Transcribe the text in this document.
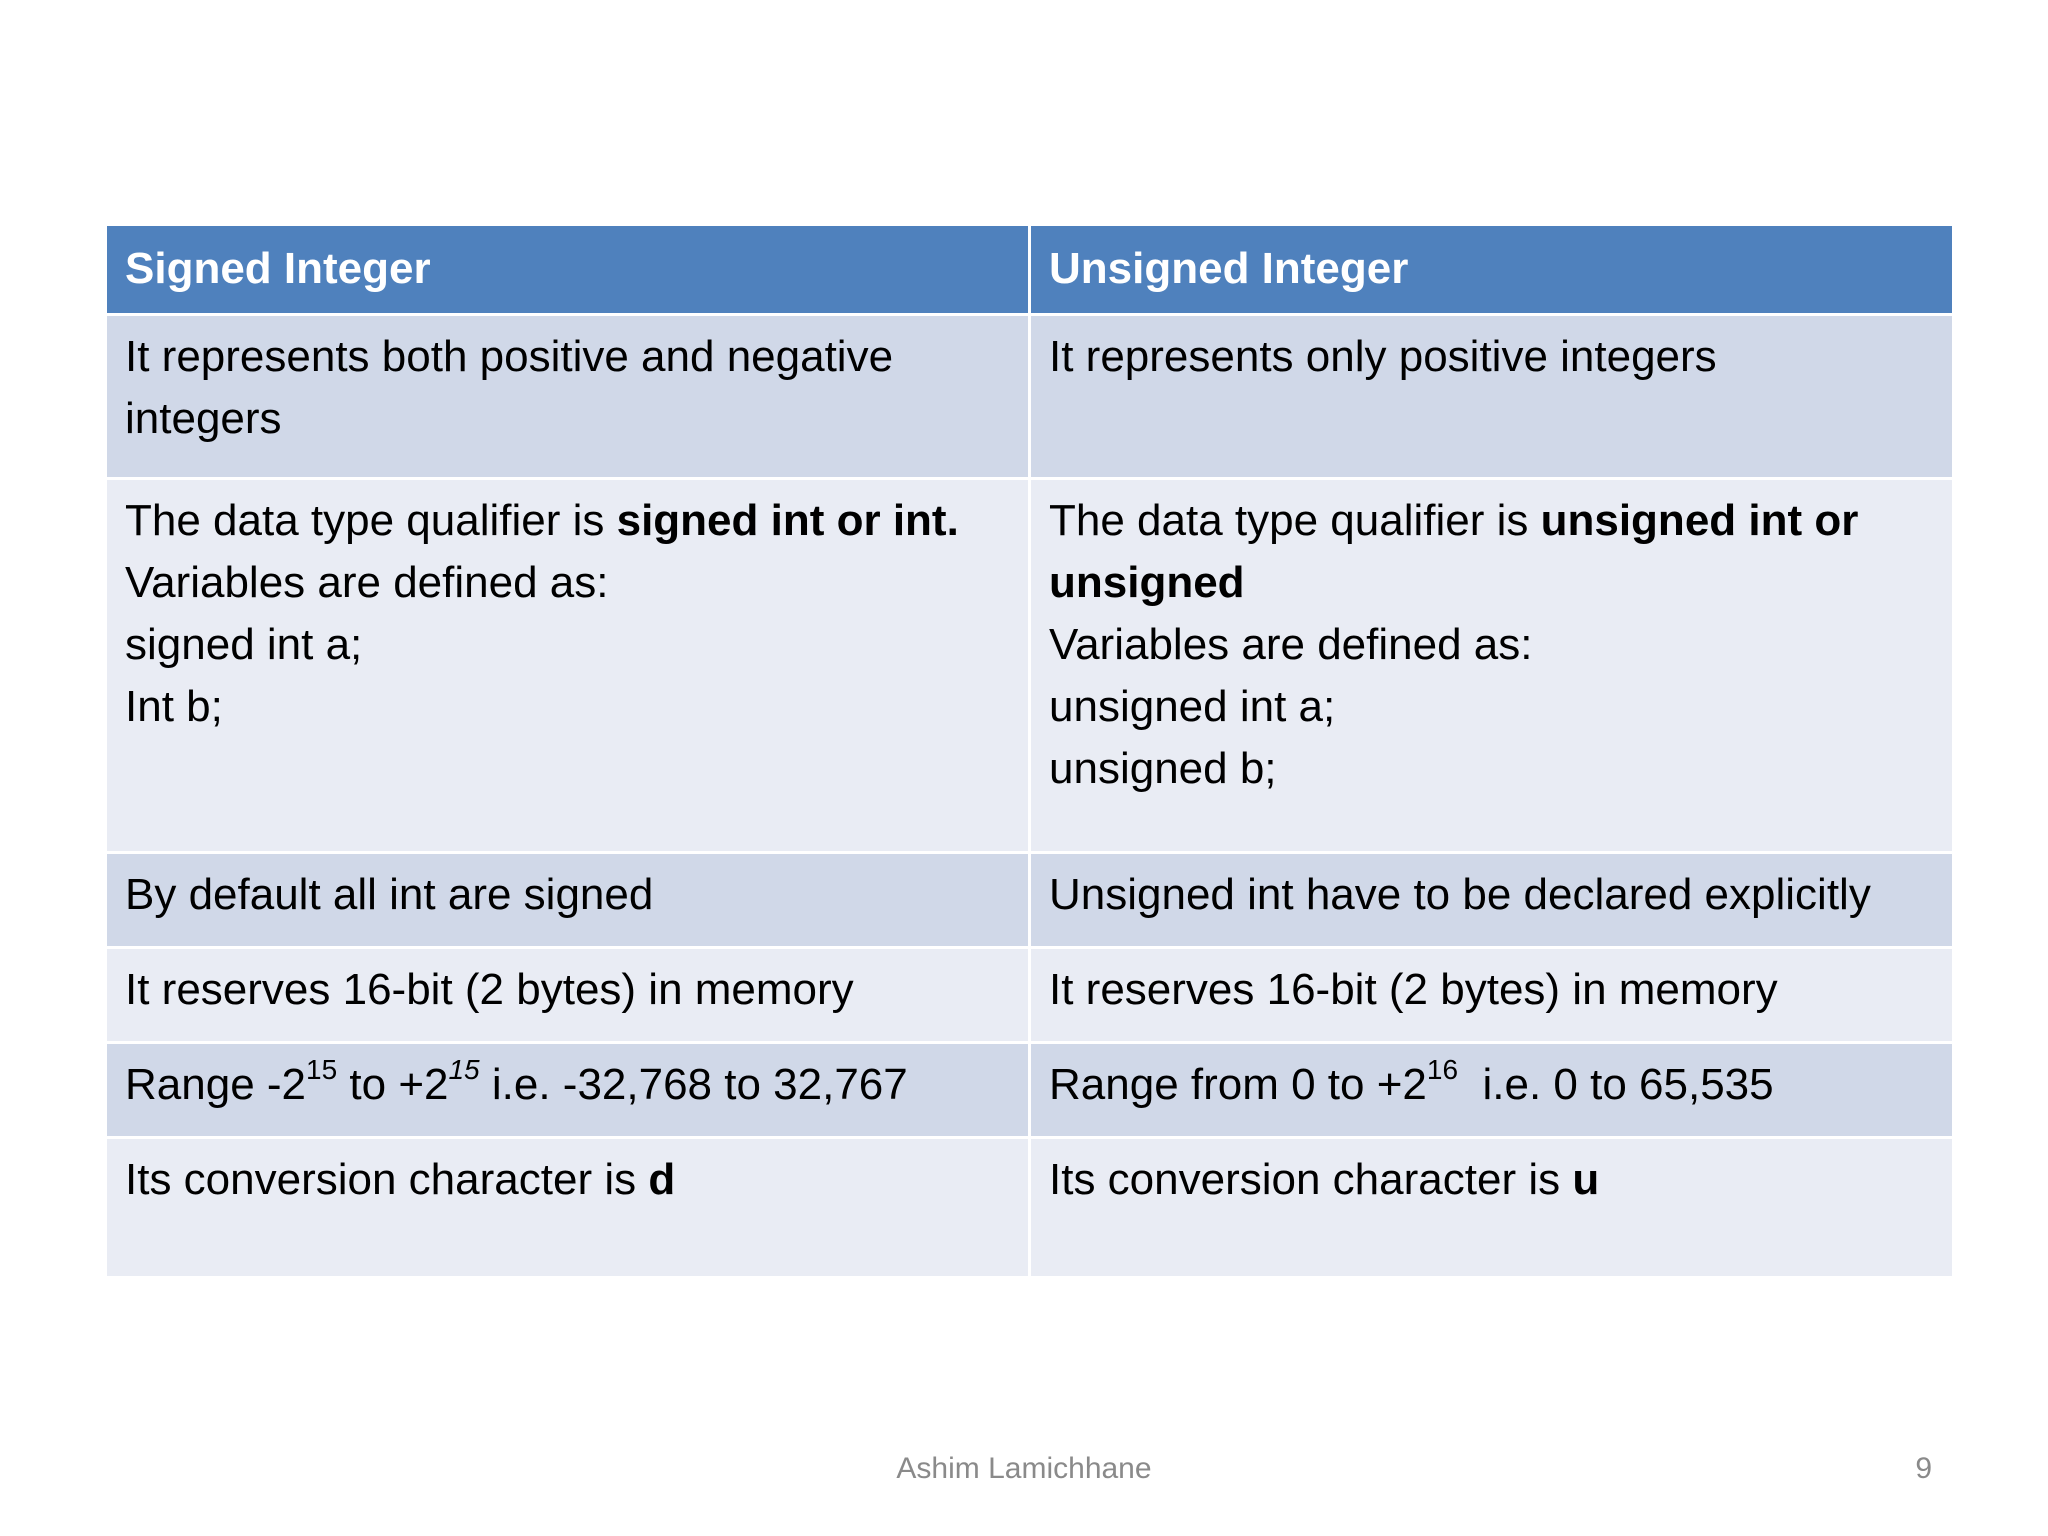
Signed Integer	Unsigned Integer

It represents both positive and negative
integers	It represents only positive integers

The data type qualifier is signed int or int.
Variables are defined as:
signed int a;
Int b;	The data type qualifier is unsigned int or
unsigned
Variables are defined as:
unsigned int a;
unsigned b;

By default all int are signed	Unsigned int have to be declared explicitly
It reserves 16-bit (2 bytes) in memory	It reserves 16-bit (2 bytes) in memory
Range $-2^{15}$ to $+2^{15}$ i.e. -32,768 to 32,767	Range from 0 to $+2^{16}$  i.e. 0 to 65,535
Its conversion character is d	Its conversion character is u
Ashim Lamichhane	9
